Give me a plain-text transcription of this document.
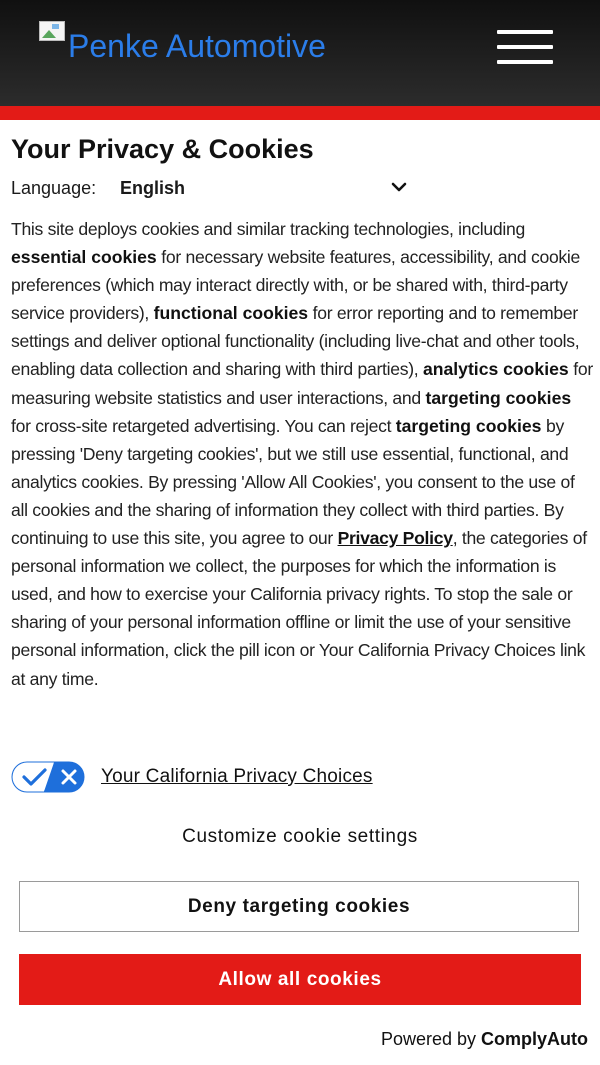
Penke Automotive
Your Privacy & Cookies
Language: English
This site deploys cookies and similar tracking technologies, including essential cookies for necessary website features, accessibility, and cookie preferences (which may interact directly with, or be shared with, third-party service providers), functional cookies for error reporting and to remember settings and deliver optional functionality (including live-chat and other tools, enabling data collection and sharing with third parties), analytics cookies for measuring website statistics and user interactions, and targeting cookies for cross-site retargeted advertising. You can reject targeting cookies by pressing 'Deny targeting cookies', but we still use essential, functional, and analytics cookies. By pressing 'Allow All Cookies', you consent to the use of all cookies and the sharing of information they collect with third parties. By continuing to use this site, you agree to our Privacy Policy, the categories of personal information we collect, the purposes for which the information is used, and how to exercise your California privacy rights. To stop the sale or sharing of your personal information offline or limit the use of your sensitive personal information, click the pill icon or Your California Privacy Choices link at any time.
Your California Privacy Choices
Customize cookie settings
Deny targeting cookies
Allow all cookies
Powered by ComplyAuto
